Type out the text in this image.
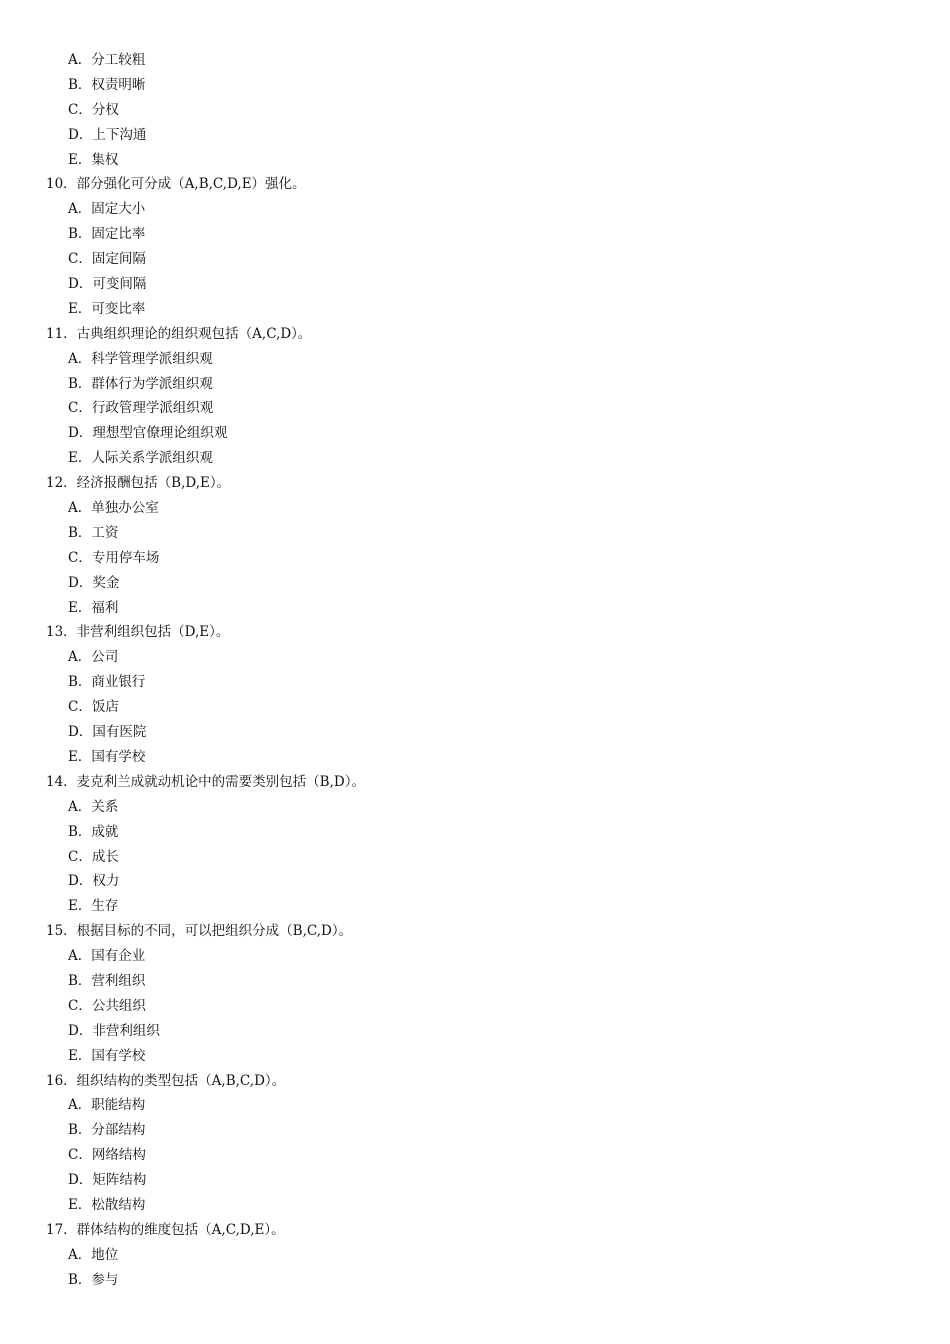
A．分工较粗
B．权责明晰
C．分权
D．上下沟通
E．集权
10．部分强化可分成（A,B,C,D,E）强化。
A．固定大小
B．固定比率
C．固定间隔
D．可变间隔
E．可变比率
11．古典组织理论的组织观包括（A,C,D）。
A．科学管理学派组织观
B．群体行为学派组织观
C．行政管理学派组织观
D．理想型官僚理论组织观
E．人际关系学派组织观
12．经济报酬包括（B,D,E）。
A．单独办公室
B．工资
C．专用停车场
D．奖金
E．福利
13．非营利组织包括（D,E）。
A．公司
B．商业银行
C．饭店
D．国有医院
E．国有学校
14．麦克利兰成就动机论中的需要类别包括（B,D）。
A．关系
B．成就
C．成长
D．权力
E．生存
15．根据目标的不同，可以把组织分成（B,C,D）。
A．国有企业
B．营利组织
C．公共组织
D．非营利组织
E．国有学校
16．组织结构的类型包括（A,B,C,D）。
A．职能结构
B．分部结构
C．网络结构
D．矩阵结构
E．松散结构
17．群体结构的维度包括（A,C,D,E）。
A．地位
B．参与
